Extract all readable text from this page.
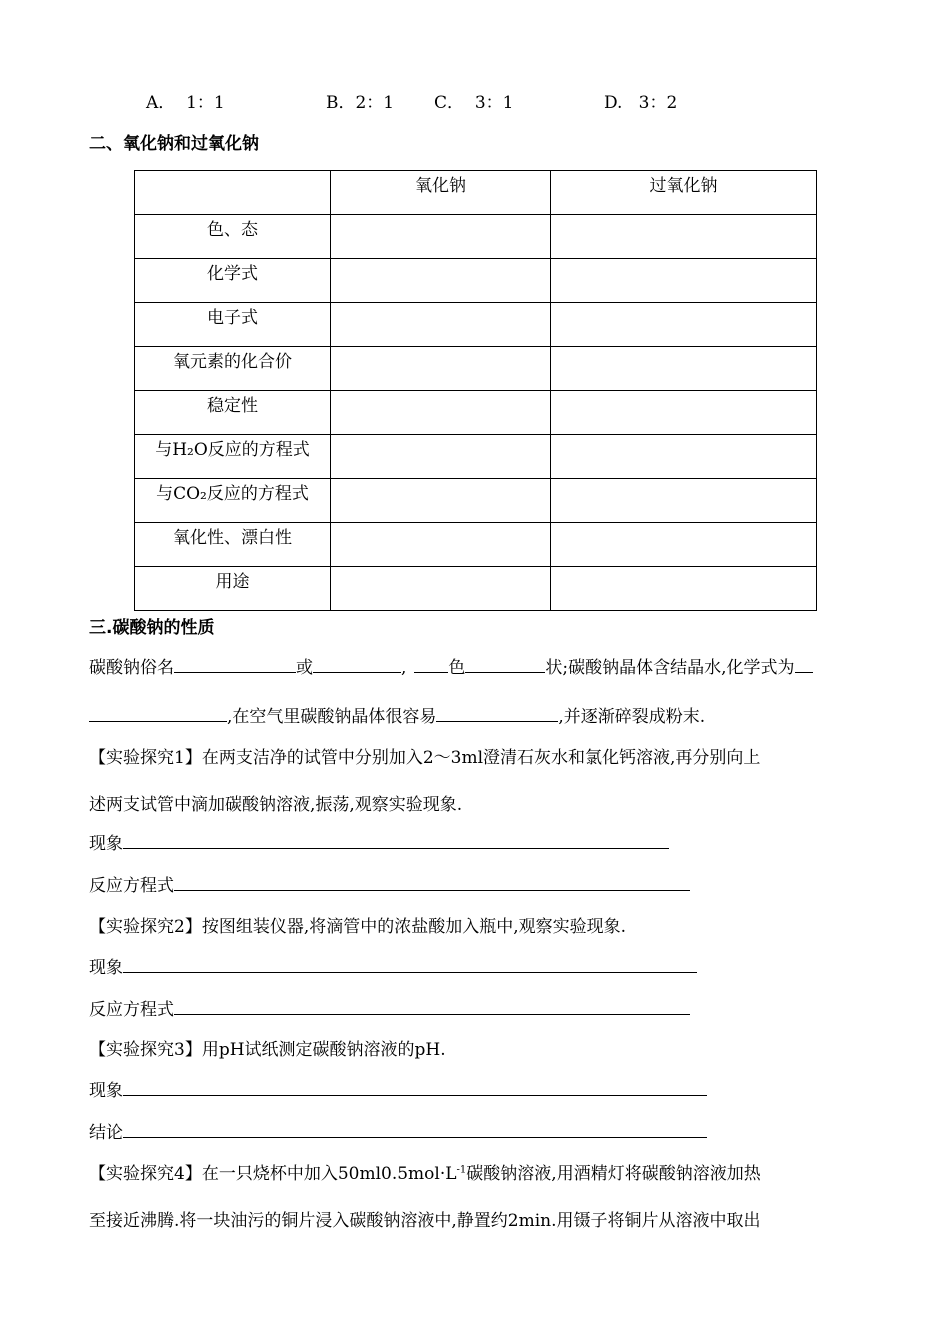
A．  1：1	B．2：1 C．  3：1	D.   3：2
二、氧化钠和过氧化钠
	氧化钠	过氧化钠
色、态		
化学式		
电子式		
氧元素的化合价		
稳定性		
与H₂O反应的方程式		
与CO₂反应的方程式		
氧化性、漂白性		
用途		
三.碳酸钠的性质
碳酸钠俗名	或	, 色	状;碳酸钠晶体含结晶水,化学式为
,在空气里碳酸钠晶体很容易	,并逐渐碎裂成粉末.
【实验探究1】在两支洁净的试管中分别加入2～3ml澄清石灰水和氯化钙溶液,再分别向上
述两支试管中滴加碳酸钠溶液,振荡,观察实验现象.
现象
反应方程式
【实验探究2】按图组装仪器,将滴管中的浓盐酸加入瓶中,观察实验现象.
现象
反应方程式
【实验探究3】用pH试纸测定碳酸钠溶液的pH.
现象
结论
【实验探究4】在一只烧杯中加入$50ml0.5mol\cdot L^{-1}$碳酸钠溶液,用酒精灯将碳酸钠溶液加热
至接近沸腾.将一块油污的铜片浸入碳酸钠溶液中,静置约2min.用镊子将铜片从溶液中取出
